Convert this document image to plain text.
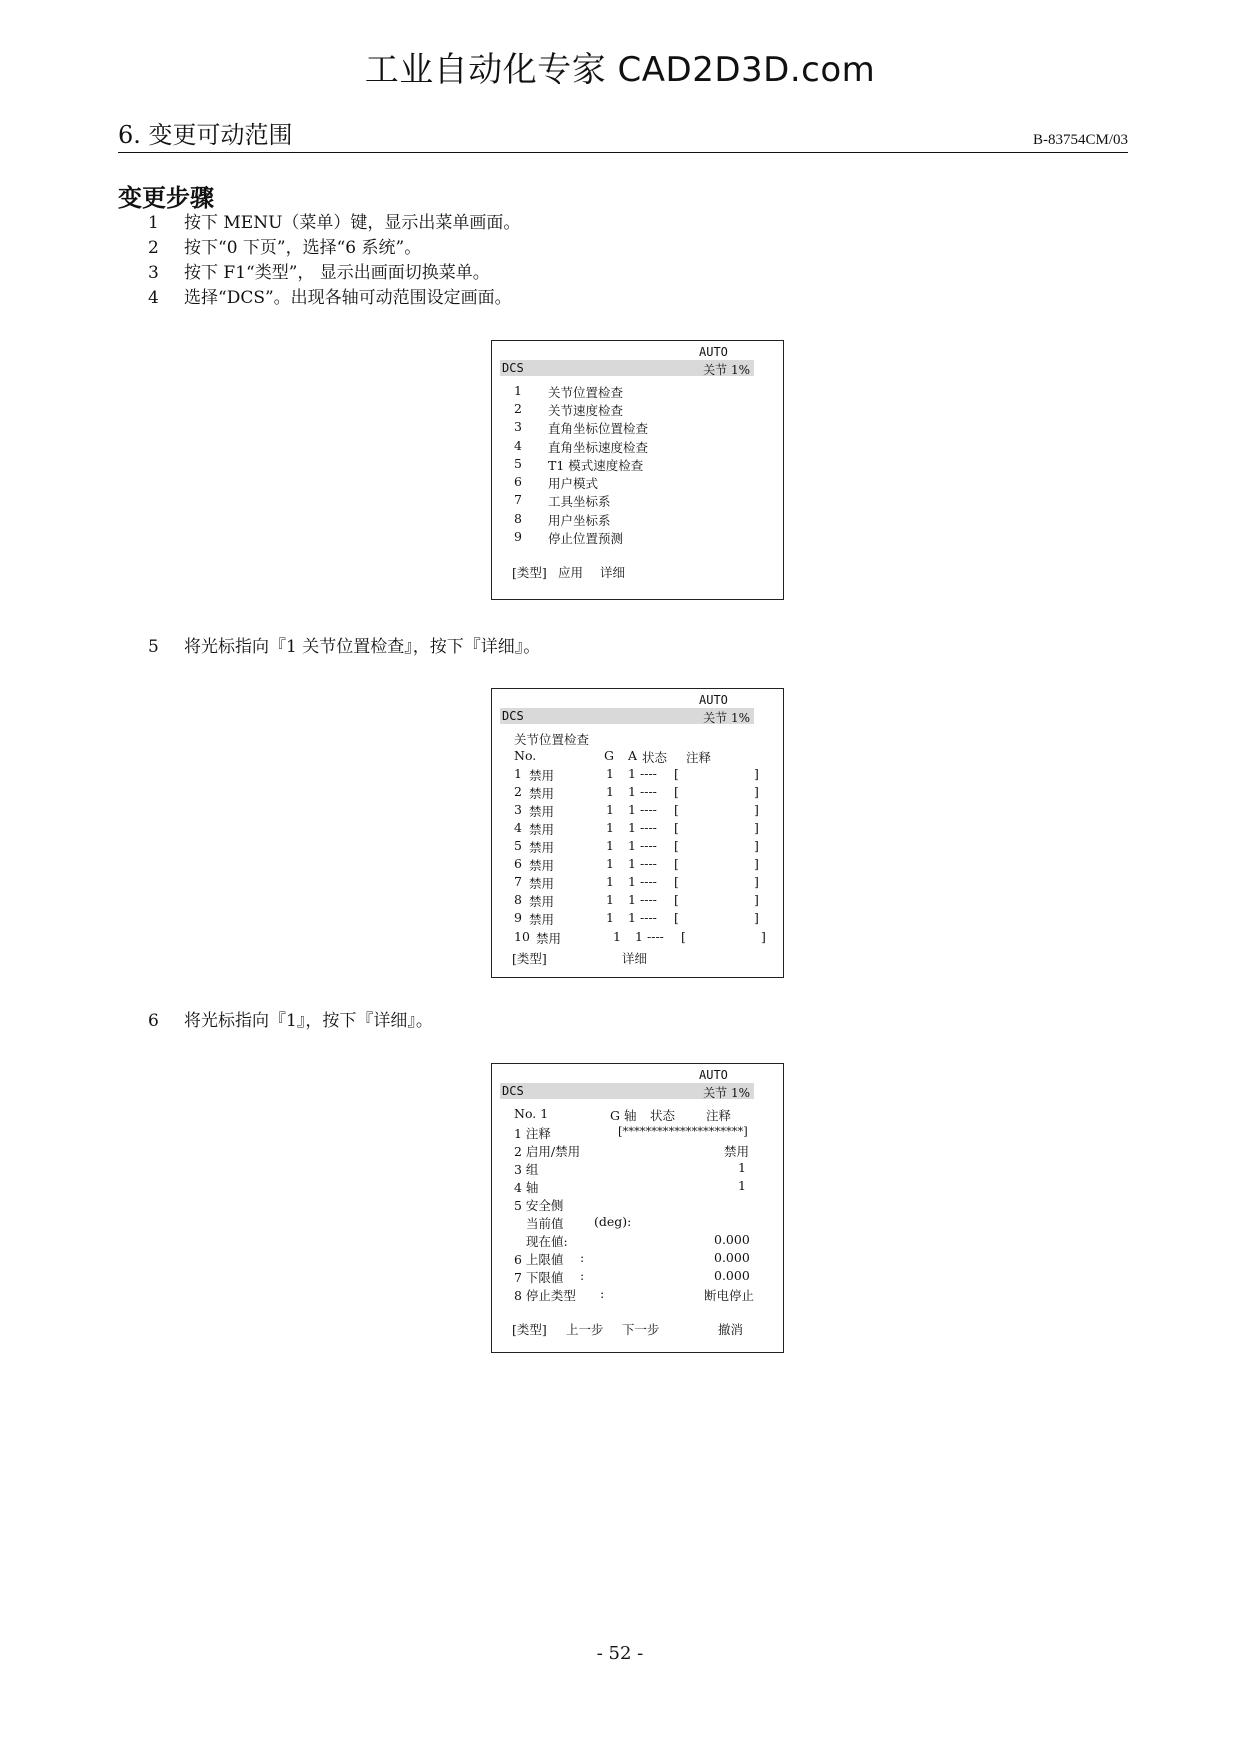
工业自动化专家 CAD2D3D.com
6. 变更可动范围	B-83754CM/03
变更步骤
1 按下 MENU（菜单）键，显示出菜单画面。
2 按下“0 下页”，选择“6 系统”。
3 按下 F1“类型”， 显示出画面切换菜单。
4 选择“DCS”。出现各轴可动范围设定画面。
5 将光标指向『1 关节位置检查』，按下『详细』。
6 将光标指向『1』，按下『详细』。
AUTO
DCS	关节 1%
1 关节位置检查
2 关节速度检查
3 直角坐标位置检查
4 直角坐标速度检查
5 T1 模式速度检查
6 用户模式
7 工具坐标系
8 用户坐标系
9 停止位置预测
[类型] 应用 详细
AUTO
DCS	关节 1%
关节位置检查
No.	G A 状态 注释
1 禁用	1 1 ---- [	]
2 禁用	1 1 ---- [	]
3 禁用	1 1 ---- [	]
4 禁用	1 1 ---- [	]
5 禁用	1 1 ---- [	]
6 禁用	1 1 ---- [	]
7 禁用	1 1 ---- [	]
8 禁用	1 1 ---- [	]
9 禁用	1 1 ---- [	]
10 禁用	1 1 ---- [	]
[类型]	详细
AUTO
DCS	关节 1%
No. 1	G 轴 状态 注释
1 注释	[*********************]
2 启用/禁用	禁用
3 组	1
4 轴	1
5 安全侧
当前值 (deg):
现在値:	0.000
6 上限値 :	0.000
7 下限値 :	0.000
8 停止类型 :	断电停止
[类型] 上一步 下一步	撤消
- 52 -
